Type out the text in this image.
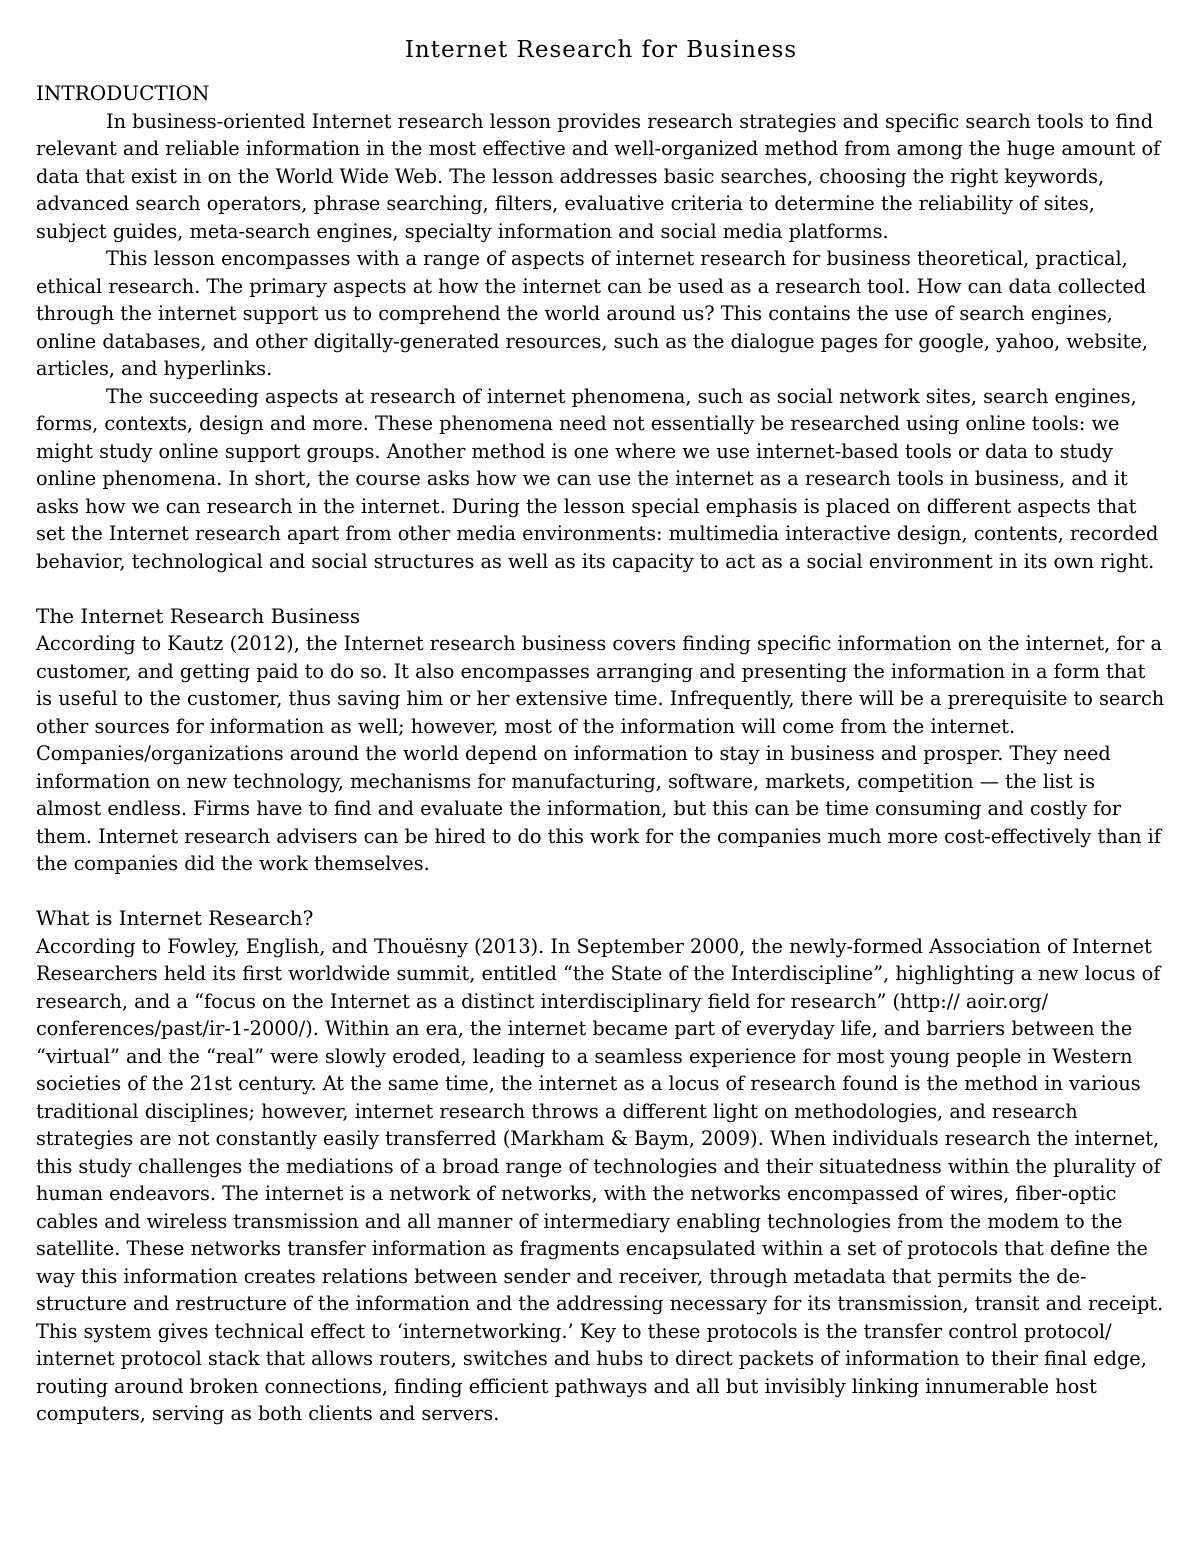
Internet Research for Business
INTRODUCTION

In business-oriented Internet research lesson provides research strategies and specific search tools to find relevant and reliable information in the most effective and well-organized method from among the huge amount of data that exist in on the World Wide Web. The lesson addresses basic searches, choosing the right keywords, advanced search operators, phrase searching, filters, evaluative criteria to determine the reliability of sites, subject guides, meta-search engines, specialty information and social media platforms.

This lesson encompasses with a range of aspects of internet research for business theoretical, practical, ethical research. The primary aspects at how the internet can be used as a research tool. How can data collected through the internet support us to comprehend the world around us? This contains the use of search engines, online databases, and other digitally-generated resources, such as the dialogue pages for google, yahoo, website, articles, and hyperlinks.

The succeeding aspects at research of internet phenomena, such as social network sites, search engines, forms, contexts, design and more. These phenomena need not essentially be researched using online tools: we might study online support groups. Another method is one where we use internet-based tools or data to study online phenomena. In short, the course asks how we can use the internet as a research tools in business, and it asks how we can research in the internet. During the lesson special emphasis is placed on different aspects that set the Internet research apart from other media environments: multimedia interactive design, contents, recorded behavior, technological and social structures as well as its capacity to act as a social environment in its own right.

The Internet Research Business

According to Kautz (2012), the Internet research business covers finding specific information on the internet, for a customer, and getting paid to do so. It also encompasses arranging and presenting the information in a form that is useful to the customer, thus saving him or her extensive time. Infrequently, there will be a prerequisite to search other sources for information as well; however, most of the information will come from the internet.

Companies/organizations around the world depend on information to stay in business and prosper. They need information on new technology, mechanisms for manufacturing, software, markets, competition — the list is almost endless. Firms have to find and evaluate the information, but this can be time consuming and costly for them. Internet research advisers can be hired to do this work for the companies much more cost-effectively than if the companies did the work themselves.

What is Internet Research?

According to Fowley, English, and Thouësny (2013). In September 2000, the newly-formed Association of Internet Researchers held its first worldwide summit, entitled “the State of the Interdiscipline”, highlighting a new locus of research, and a “focus on the Internet as a distinct interdisciplinary field for research” (http:// aoir.org/ conferences/past/ir-1-2000/). Within an era, the internet became part of everyday life, and barriers between the “virtual” and the “real” were slowly eroded, leading to a seamless experience for most young people in Western societies of the 21st century. At the same time, the internet as a locus of research found is the method in various traditional disciplines; however, internet research throws a different light on methodologies, and research strategies are not constantly easily transferred (Markham & Baym, 2009). When individuals research the internet, this study challenges the mediations of a broad range of technologies and their situatedness within the plurality of human endeavors. The internet is a network of networks, with the networks encompassed of wires, fiber-optic cables and wireless transmission and all manner of intermediary enabling technologies from the modem to the satellite. These networks transfer information as fragments encapsulated within a set of protocols that define the way this information creates relations between sender and receiver, through metadata that permits the de-structure and restructure of the information and the addressing necessary for its transmission, transit and receipt.

This system gives technical effect to ‘internetworking.’ Key to these protocols is the transfer control protocol/ internet protocol stack that allows routers, switches and hubs to direct packets of information to their final edge, routing around broken connections, finding efficient pathways and all but invisibly linking innumerable host computers, serving as both clients and servers.
